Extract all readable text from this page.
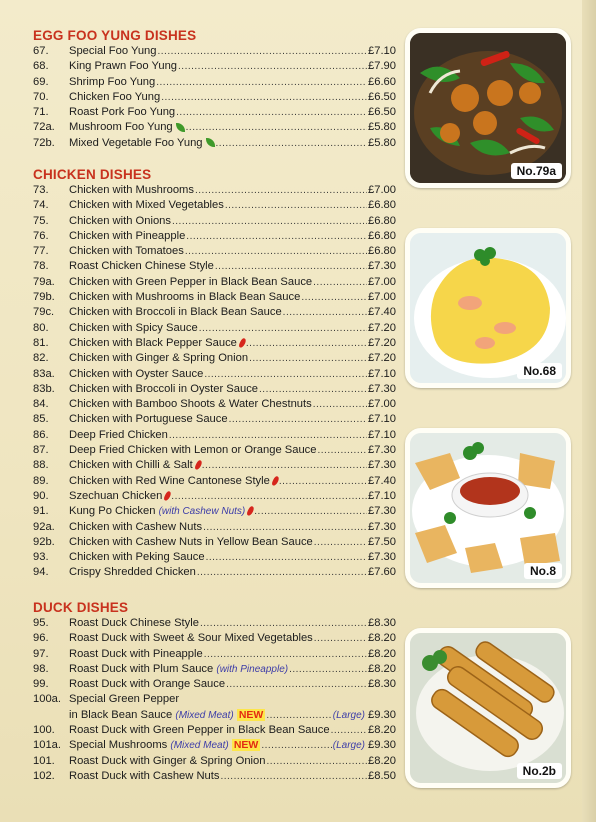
EGG FOO YUNG DISHES
67.	Special Foo Yung .....	£7.10
68.	King Prawn Foo Yung .....	£7.90
69.	Shrimp Foo Yung .....	£6.60
70.	Chicken Foo Yung .....	£6.50
71.	Roast Pork Foo Yung .....	£6.50
72a.	Mushroom Foo Yung .....	£5.80
72b.	Mixed Vegetable Foo Yung .....	£5.80
CHICKEN DISHES
73.	Chicken with Mushrooms .....	£7.00
74.	Chicken with Mixed Vegetables .....	£6.80
75.	Chicken with Onions .....	£6.80
76.	Chicken with Pineapple .....	£6.80
77.	Chicken with Tomatoes .....	£6.80
78.	Roast Chicken Chinese Style .....	£7.30
79a.	Chicken with Green Pepper in Black Bean Sauce .....	£7.00
79b.	Chicken with Mushrooms in Black Bean Sauce .....	£7.00
79c.	Chicken with Broccoli in Black Bean Sauce .....	£7.40
80.	Chicken with Spicy Sauce .....	£7.20
81.	Chicken with Black Pepper Sauce .....	£7.20
82.	Chicken with Ginger & Spring Onion .....	£7.20
83a.	Chicken with Oyster Sauce .....	£7.10
83b.	Chicken with Broccoli in Oyster Sauce .....	£7.30
84.	Chicken with Bamboo Shoots & Water Chestnuts .....	£7.00
85.	Chicken with Portuguese Sauce .....	£7.10
86.	Deep Fried Chicken .....	£7.10
87.	Deep Fried Chicken with Lemon or Orange Sauce .....	£7.30
88.	Chicken with Chilli & Salt .....	£7.30
89.	Chicken with Red Wine Cantonese Style .....	£7.40
90.	Szechuan Chicken .....	£7.10
91.	Kung Po Chicken (with Cashew Nuts) .....	£7.30
92a.	Chicken with Cashew Nuts .....	£7.30
92b.	Chicken with Cashew Nuts in Yellow Bean Sauce .....	£7.50
93.	Chicken with Peking Sauce .....	£7.30
94.	Crispy Shredded Chicken .....	£7.60
DUCK DISHES
95.	Roast Duck Chinese Style .....	£8.30
96.	Roast Duck with Sweet & Sour Mixed Vegetables .....	£8.20
97.	Roast Duck with Pineapple .....	£8.20
98.	Roast Duck with Plum Sauce (with Pineapple) .....	£8.20
99.	Roast Duck with Orange Sauce .....	£8.30
100a. Special Green Pepper
in Black Bean Sauce (Mixed Meat) NEW .....	(Large) £9.30
100.	Roast Duck with Green Pepper in Black Bean Sauce .....	£8.20
101a. Special Mushrooms (Mixed Meat) NEW .....	(Large) £9.30
101.	Roast Duck with Ginger & Spring Onion .....	£8.20
102.	Roast Duck with Cashew Nuts .....	£8.50
No.79a
No.68
No.8
No.2b
